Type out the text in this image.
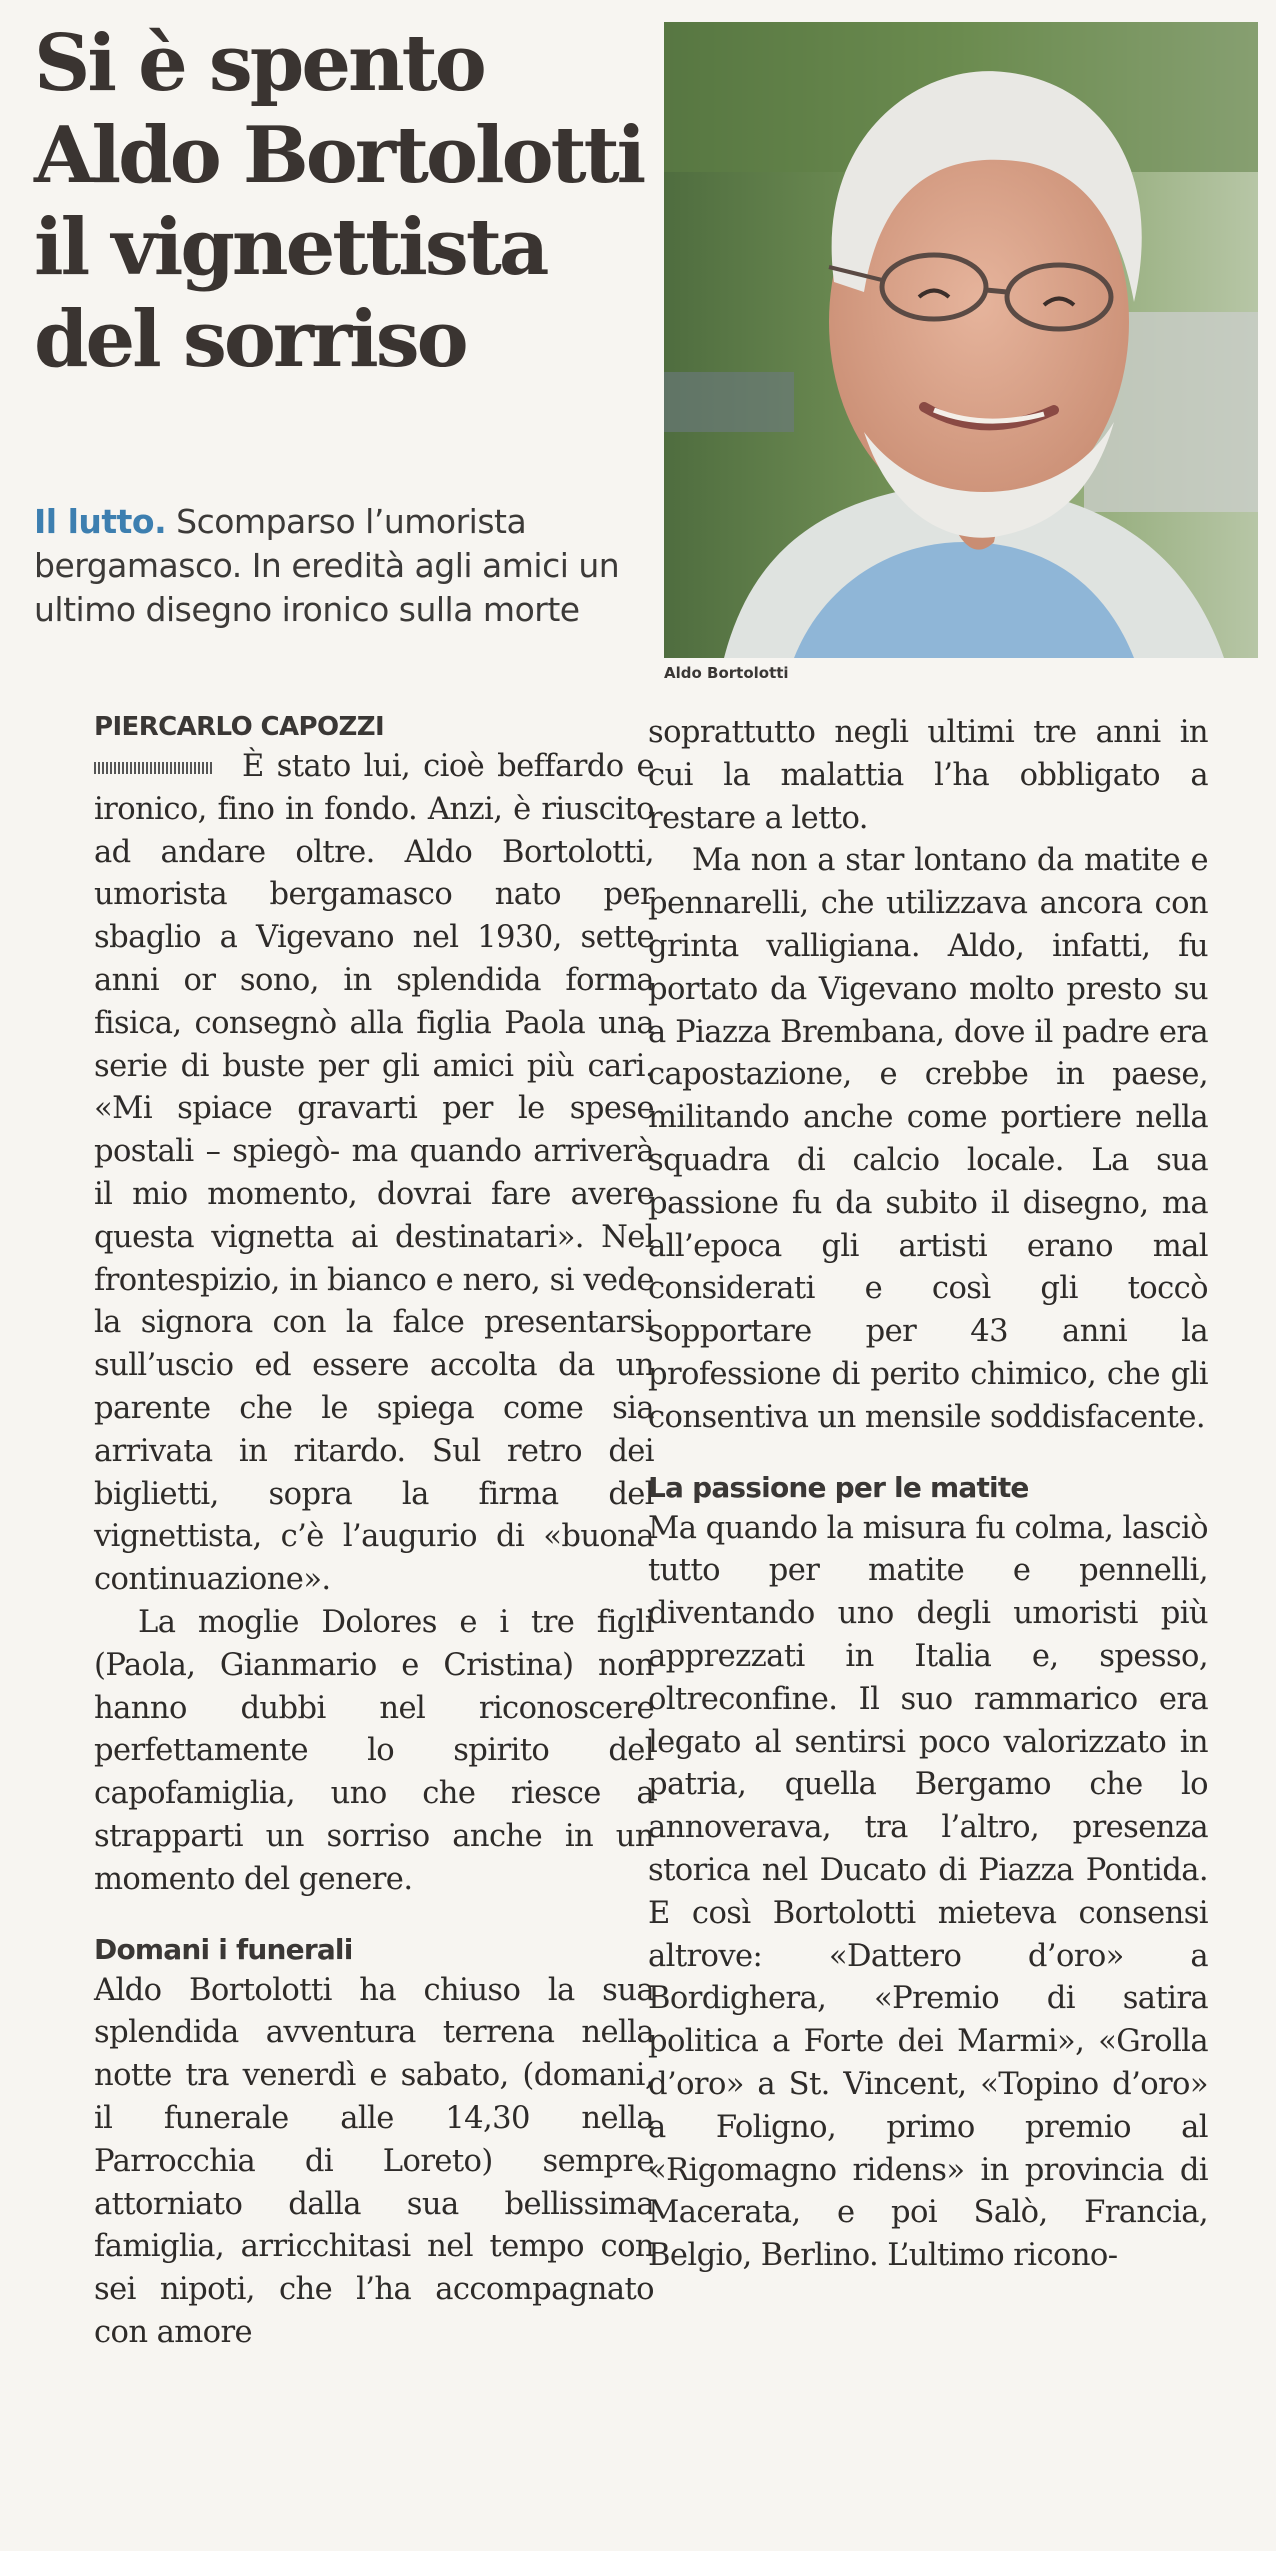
Si è spento
Aldo Bortolotti
il vignettista
del sorriso
Il lutto. Scomparso l’umorista bergamasco. In eredità agli amici un ultimo disegno ironico sulla morte
Aldo Bortolotti
PIERCARLO CAPOZZI

È stato lui, cioè beffardo e ironico, fino in fondo. Anzi, è riuscito ad andare oltre. Aldo Bortolotti, umorista bergamasco nato per sbaglio a Vigevano nel 1930, sette anni or sono, in splendida forma fisica, consegnò alla figlia Paola una serie di buste per gli amici più cari. «Mi spiace gravarti per le spese postali – spiegò- ma quando arriverà il mio momento, dovrai fare avere questa vignetta ai destinatari». Nel frontespizio, in bianco e nero, si vede la signora con la falce presentarsi sull’uscio ed essere accolta da un parente che le spiega come sia arrivata in ritardo. Sul retro dei biglietti, sopra la firma del vignettista, c’è l’augurio di «buona continuazione».

La moglie Dolores e i tre figli (Paola, Gianmario e Cristina) non hanno dubbi nel riconoscere perfettamente lo spirito del capofamiglia, uno che riesce a strapparti un sorriso anche in un momento del genere.

Domani i funerali

Aldo Bortolotti ha chiuso la sua splendida avventura terrena nella notte tra venerdì e sabato, (domani, il funerale alle 14,30 nella Parrocchia di Loreto) sempre attorniato dalla sua bellissima famiglia, arricchitasi nel tempo con sei nipoti, che l’ha accompagnato con amore

soprattutto negli ultimi tre anni in cui la malattia l’ha obbligato a restare a letto.

Ma non a star lontano da matite e pennarelli, che utilizzava ancora con grinta valligiana. Aldo, infatti, fu portato da Vigevano molto presto su a Piazza Brembana, dove il padre era capostazione, e crebbe in paese, militando anche come portiere nella squadra di calcio locale. La sua passione fu da subito il disegno, ma all’epoca gli artisti erano mal considerati e così gli toccò sopportare per 43 anni la professione di perito chimico, che gli consentiva un mensile soddisfacente.

La passione per le matite

Ma quando la misura fu colma, lasciò tutto per matite e pennelli, diventando uno degli umoristi più apprezzati in Italia e, spesso, oltreconfine. Il suo rammarico era legato al sentirsi poco valorizzato in patria, quella Bergamo che lo annoverava, tra l’altro, presenza storica nel Ducato di Piazza Pontida. E così Bortolotti mieteva consensi altrove: «Dattero d’oro» a Bordighera, «Premio di satira politica a Forte dei Marmi», «Grolla d’oro» a St. Vincent, «Topino d’oro» a Foligno, primo premio al «Rigomagno ridens» in provincia di Macerata, e poi Salò, Francia, Belgio, Berlino. L’ultimo ricono-
